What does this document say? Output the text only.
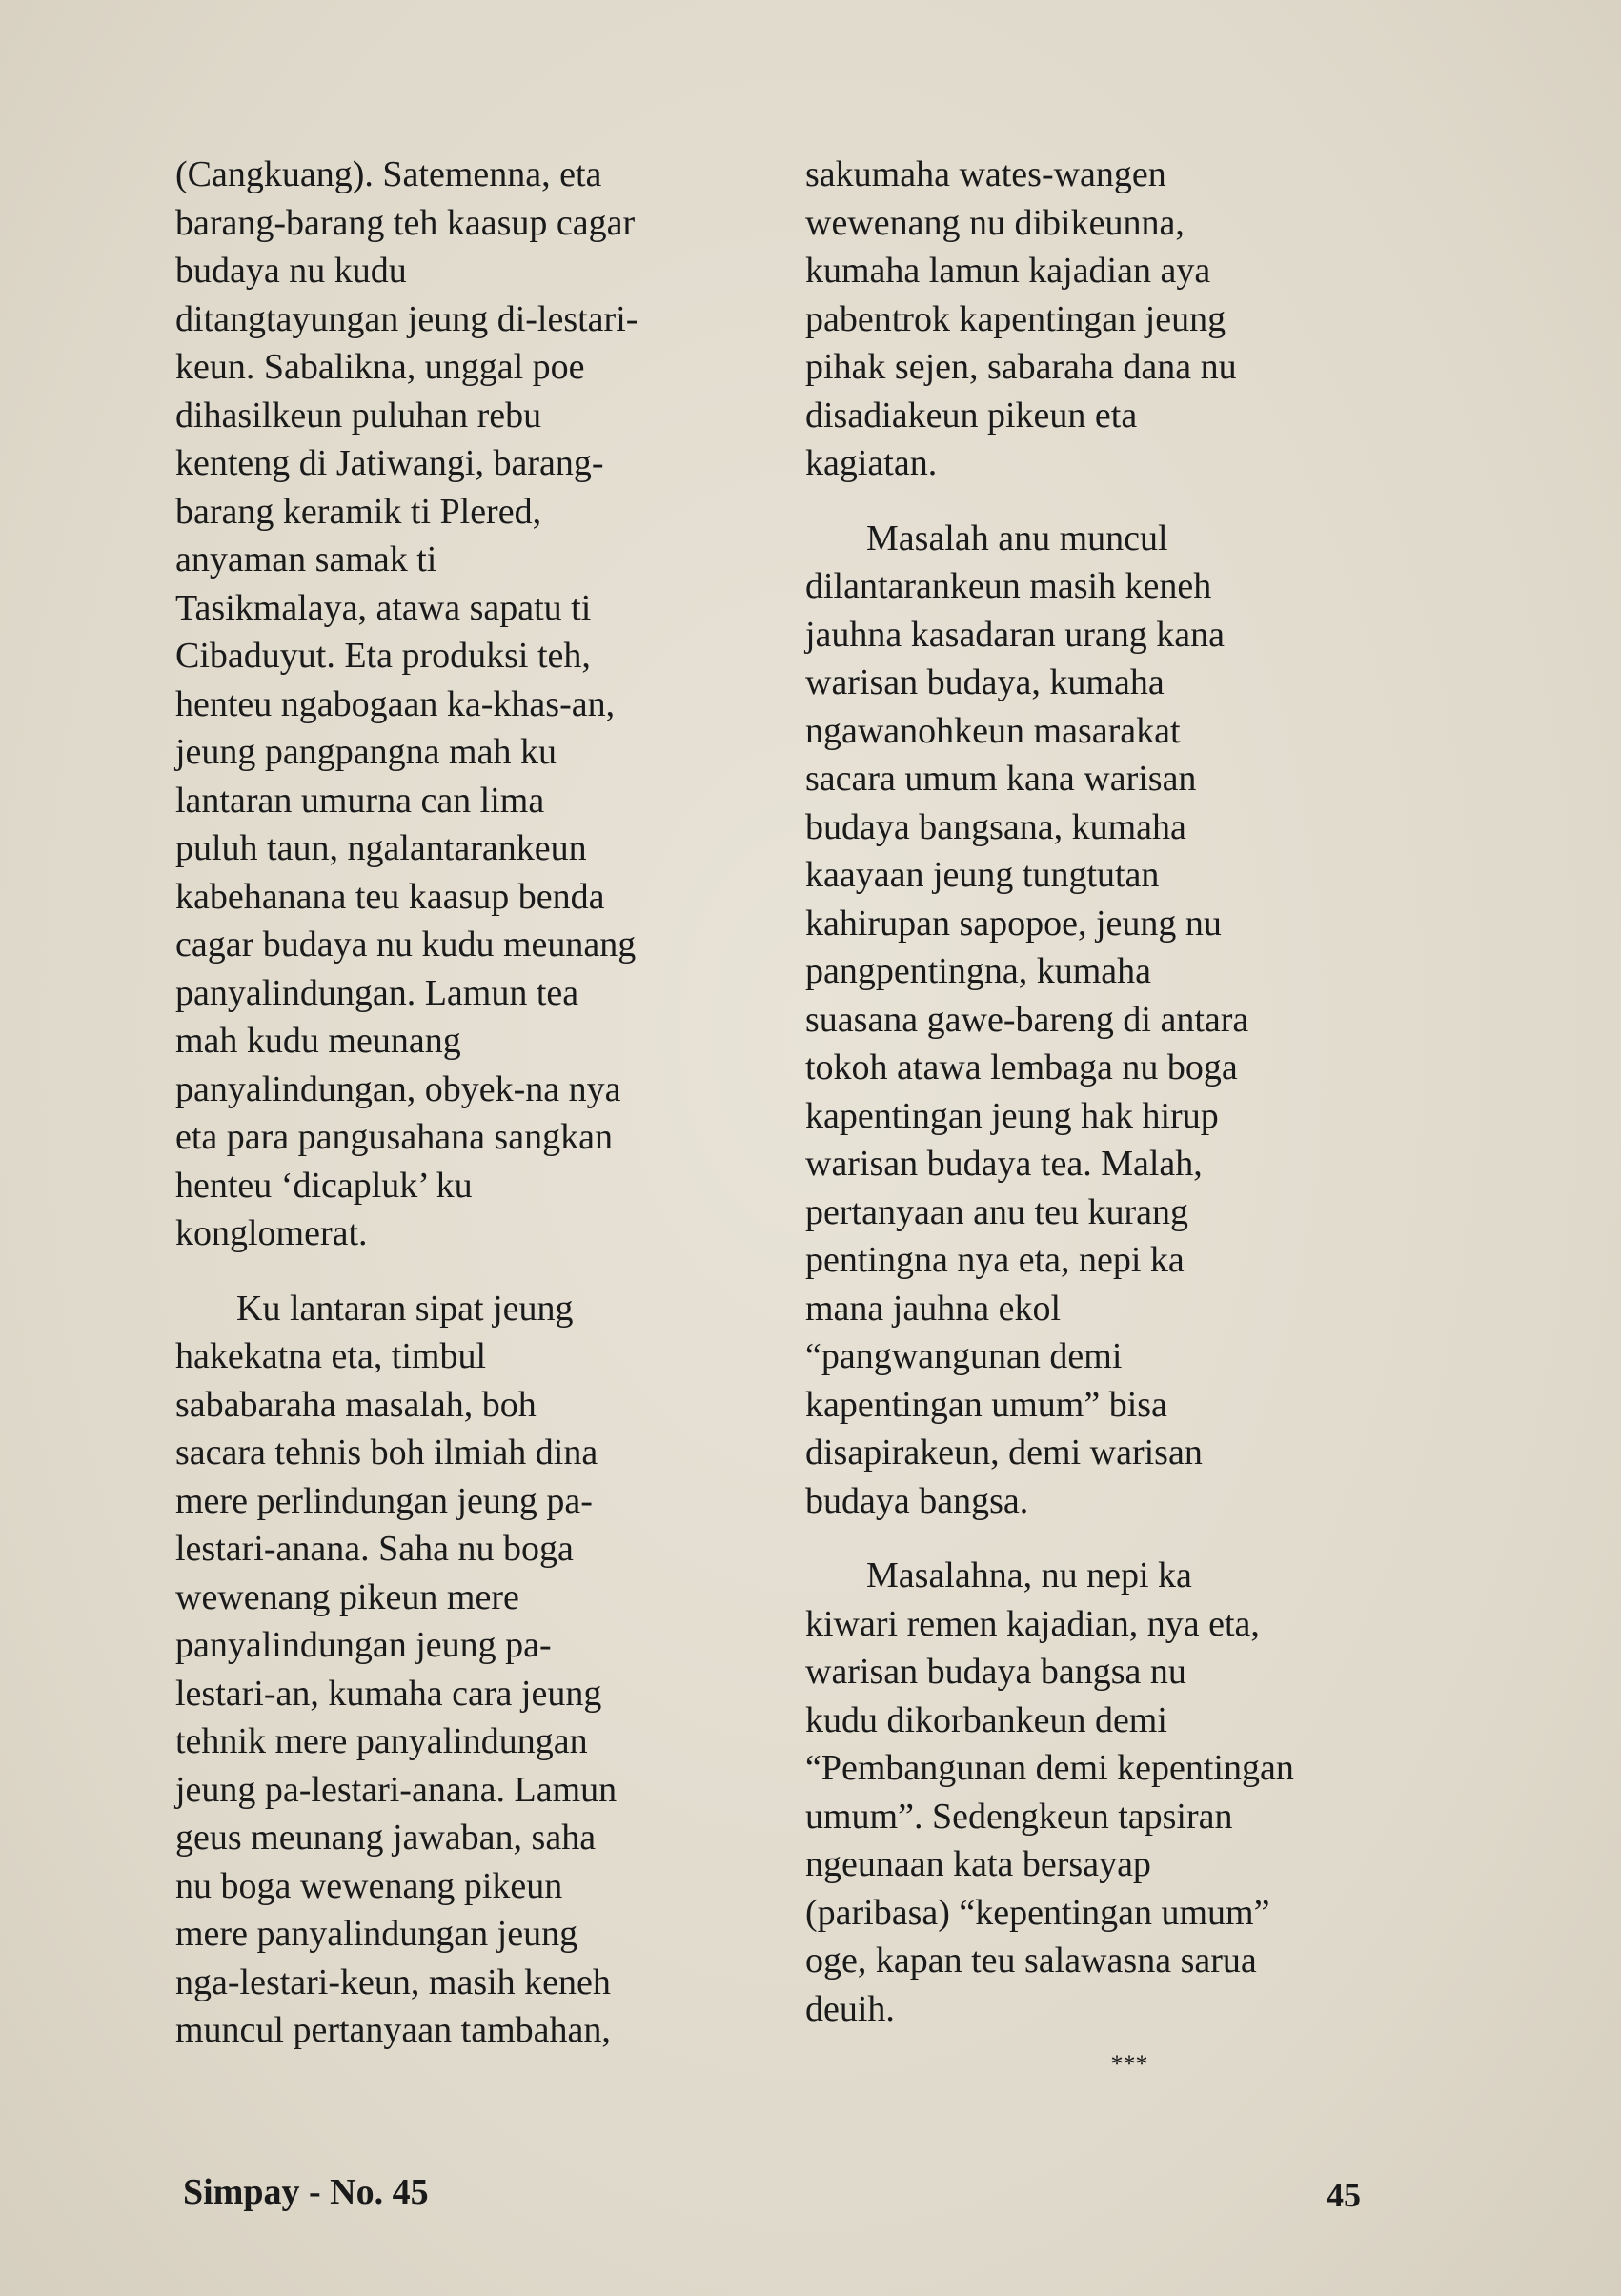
(Cangkuang). Satemenna, eta
barang-barang teh kaasup cagar
budaya nu kudu
ditangtayungan jeung di-lestari-
keun. Sabalikna, unggal poe
dihasilkeun puluhan rebu
kenteng di Jatiwangi, barang-
barang keramik ti Plered,
anyaman samak ti
Tasikmalaya, atawa sapatu ti
Cibaduyut. Eta produksi teh,
henteu ngabogaan ka-khas-an,
jeung pangpangna mah ku
lantaran umurna can lima
puluh taun, ngalantarankeun
kabehanana teu kaasup benda
cagar budaya nu kudu meunang
panyalindungan. Lamun tea
mah kudu meunang
panyalindungan, obyek-na nya
eta para pangusahana sangkan
henteu ‘dicapluk’ ku
konglomerat.

Ku lantaran sipat jeung
hakekatna eta, timbul
sababaraha masalah, boh
sacara tehnis boh ilmiah dina
mere perlindungan jeung pa-
lestari-anana. Saha nu boga
wewenang pikeun mere
panyalindungan jeung pa-
lestari-an, kumaha cara jeung
tehnik mere panyalindungan
jeung pa-lestari-anana. Lamun
geus meunang jawaban, saha
nu boga wewenang pikeun
mere panyalindungan jeung
nga-lestari-keun, masih keneh
muncul pertanyaan tambahan,

sakumaha wates-wangen
wewenang nu dibikeunna,
kumaha lamun kajadian aya
pabentrok kapentingan jeung
pihak sejen, sabaraha dana nu
disadiakeun pikeun eta
kagiatan.

Masalah anu muncul
dilantarankeun masih keneh
jauhna kasadaran urang kana
warisan budaya, kumaha
ngawanohkeun masarakat
sacara umum kana warisan
budaya bangsana, kumaha
kaayaan jeung tungtutan
kahirupan sapopoe, jeung nu
pangpentingna, kumaha
suasana gawe-bareng di antara
tokoh atawa lembaga nu boga
kapentingan jeung hak hirup
warisan budaya tea. Malah,
pertanyaan anu teu kurang
pentingna nya eta, nepi ka
mana jauhna ekol
“pangwangunan demi
kapentingan umum” bisa
disapirakeun, demi warisan
budaya bangsa.

Masalahna, nu nepi ka
kiwari remen kajadian, nya eta,
warisan budaya bangsa nu
kudu dikorbankeun demi
“Pembangunan demi kepentingan
umum”. Sedengkeun tapsiran
ngeunaan kata bersayap
(paribasa) “kepentingan umum”
oge, kapan teu salawasna sarua
deuih.

***
Simpay - No. 45	45
